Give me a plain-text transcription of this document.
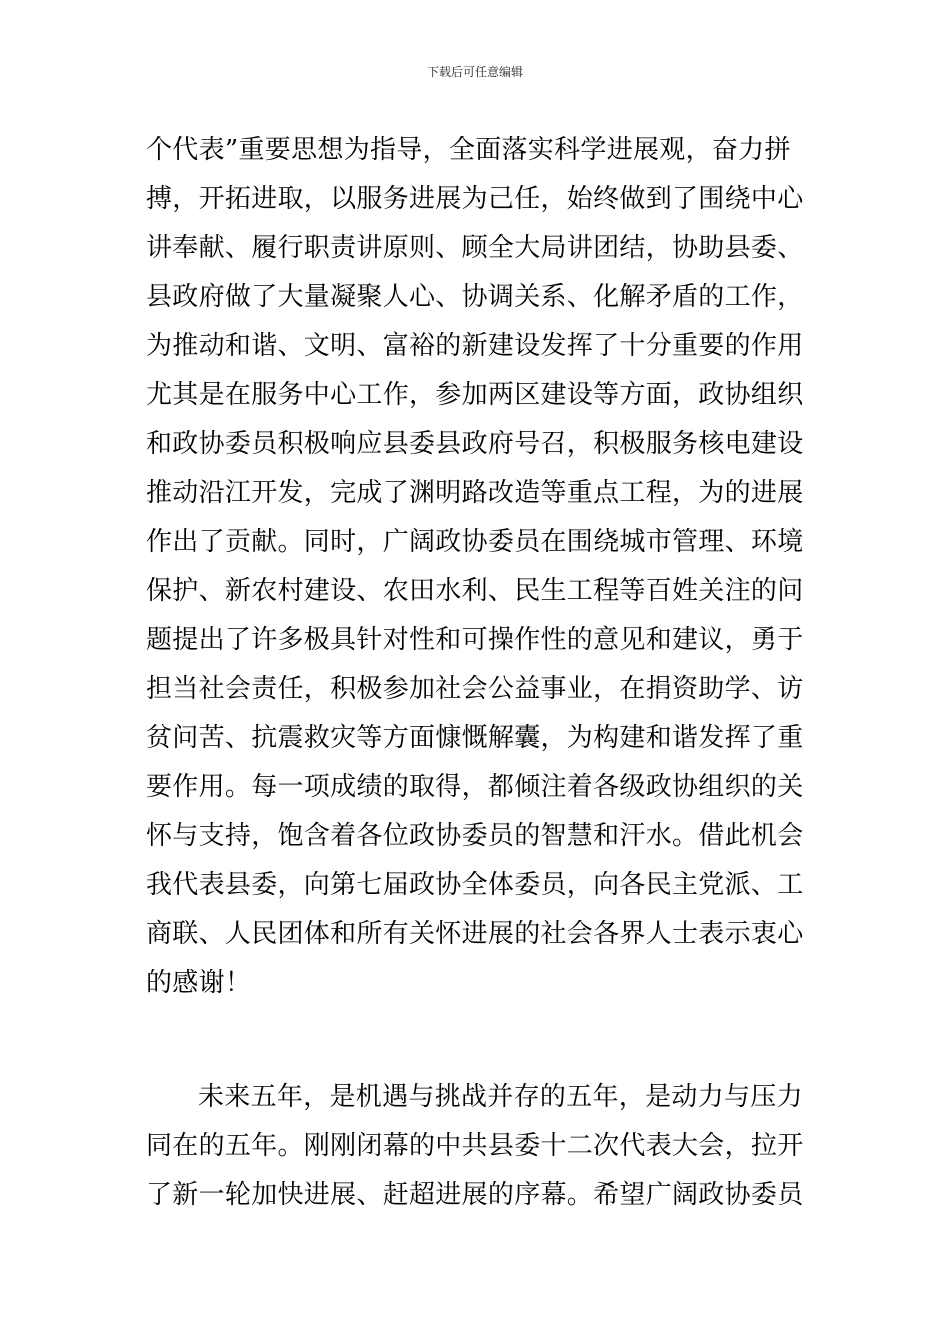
下载后可任意编辑
个代表”重要思想为指导，全面落实科学进展观，奋力拼
搏，开拓进取，以服务进展为己任，始终做到了围绕中心
讲奉献、履行职责讲原则、顾全大局讲团结，协助县委、
县政府做了大量凝聚人心、协调关系、化解矛盾的工作，
为推动和谐、文明、富裕的新建设发挥了十分重要的作用
尤其是在服务中心工作，参加两区建设等方面，政协组织
和政协委员积极响应县委县政府号召，积极服务核电建设
推动沿江开发，完成了渊明路改造等重点工程，为的进展
作出了贡献。同时，广阔政协委员在围绕城市管理、环境
保护、新农村建设、农田水利、民生工程等百姓关注的问
题提出了许多极具针对性和可操作性的意见和建议，勇于
担当社会责任，积极参加社会公益事业，在捐资助学、访
贫问苦、抗震救灾等方面慷慨解囊，为构建和谐发挥了重
要作用。每一项成绩的取得，都倾注着各级政协组织的关
怀与支持，饱含着各位政协委员的智慧和汗水。借此机会
我代表县委，向第七届政协全体委员，向各民主党派、工
商联、人民团体和所有关怀进展的社会各界人士表示衷心
的感谢！
未来五年，是机遇与挑战并存的五年，是动力与压力
同在的五年。刚刚闭幕的中共县委十二次代表大会，拉开
了新一轮加快进展、赶超进展的序幕。希望广阔政协委员
